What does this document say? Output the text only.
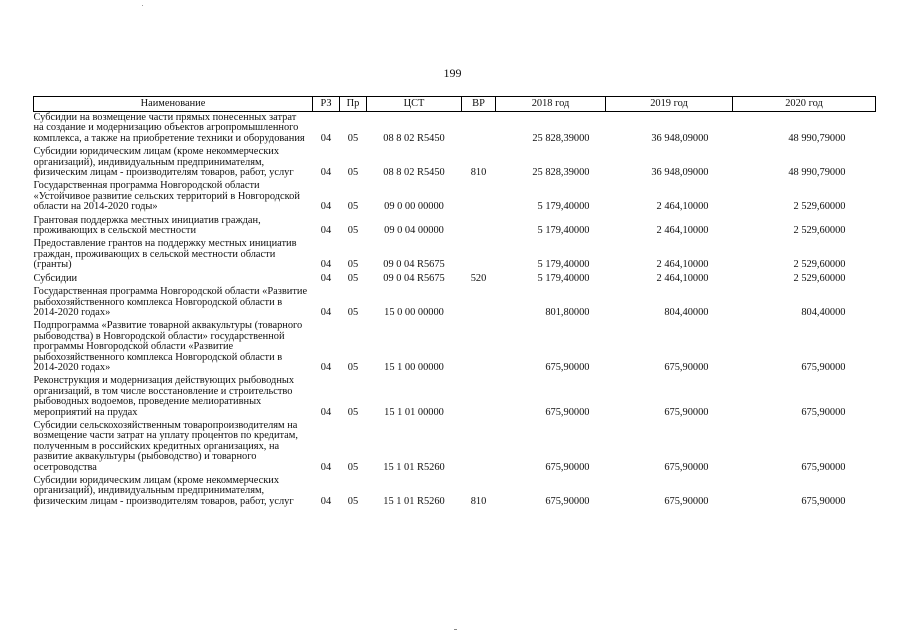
199
Наименование	РЗ	Пр	ЦСТ	ВР	2018 год	2019 год	2020 год
Субсидии на возмещение части прямых понесенных затрат на создание и модернизацию объектов агропромышленного комплекса, а также на приобретение техники и оборудования	04	05	08 8 02 R5450		25 828,39000	36 948,09000	48 990,79000
Субсидии юридическим лицам (кроме некоммерческих организаций), индивидуальным предпринимателям, физическим лицам - производителям товаров, работ, услуг	04	05	08 8 02 R5450	810	25 828,39000	36 948,09000	48 990,79000
Государственная программа Новгородской области «Устойчивое развитие сельских территорий в Новгородской области на 2014-2020 годы»	04	05	09 0 00 00000		5 179,40000	2 464,10000	2 529,60000
Грантовая поддержка местных инициатив граждан, проживающих в сельской местности	04	05	09 0 04 00000		5 179,40000	2 464,10000	2 529,60000
Предоставление грантов на поддержку местных инициатив граждан, проживающих в сельской местности области (гранты)	04	05	09 0 04 R5675		5 179,40000	2 464,10000	2 529,60000
Субсидии	04	05	09 0 04 R5675	520	5 179,40000	2 464,10000	2 529,60000
Государственная программа Новгородской области «Развитие рыбохозяйственного комплекса Новгородской области в 2014-2020 годах»	04	05	15 0 00 00000		801,80000	804,40000	804,40000
Подпрограмма «Развитие товарной аквакультуры (товарного рыбоводства) в Новгородской области» государственной программы Новгородской области «Развитие рыбохозяйственного комплекса Новгородской области в 2014-2020 годах»	04	05	15 1 00 00000		675,90000	675,90000	675,90000
Реконструкция и модернизация действующих рыбоводных организаций, в том числе восстановление и строительство рыбоводных водоемов, проведение мелиоративных мероприятий на прудах	04	05	15 1 01 00000		675,90000	675,90000	675,90000
Субсидии сельскохозяйственным товаропроизводителям на возмещение части затрат на уплату процентов по кредитам, полученным в российских кредитных организациях, на развитие аквакультуры (рыбоводство) и товарного осетроводства	04	05	15 1 01 R5260		675,90000	675,90000	675,90000
Субсидии юридическим лицам (кроме некоммерческих организаций), индивидуальным предпринимателям, физическим лицам - производителям товаров, работ, услуг	04	05	15 1 01 R5260	810	675,90000	675,90000	675,90000
